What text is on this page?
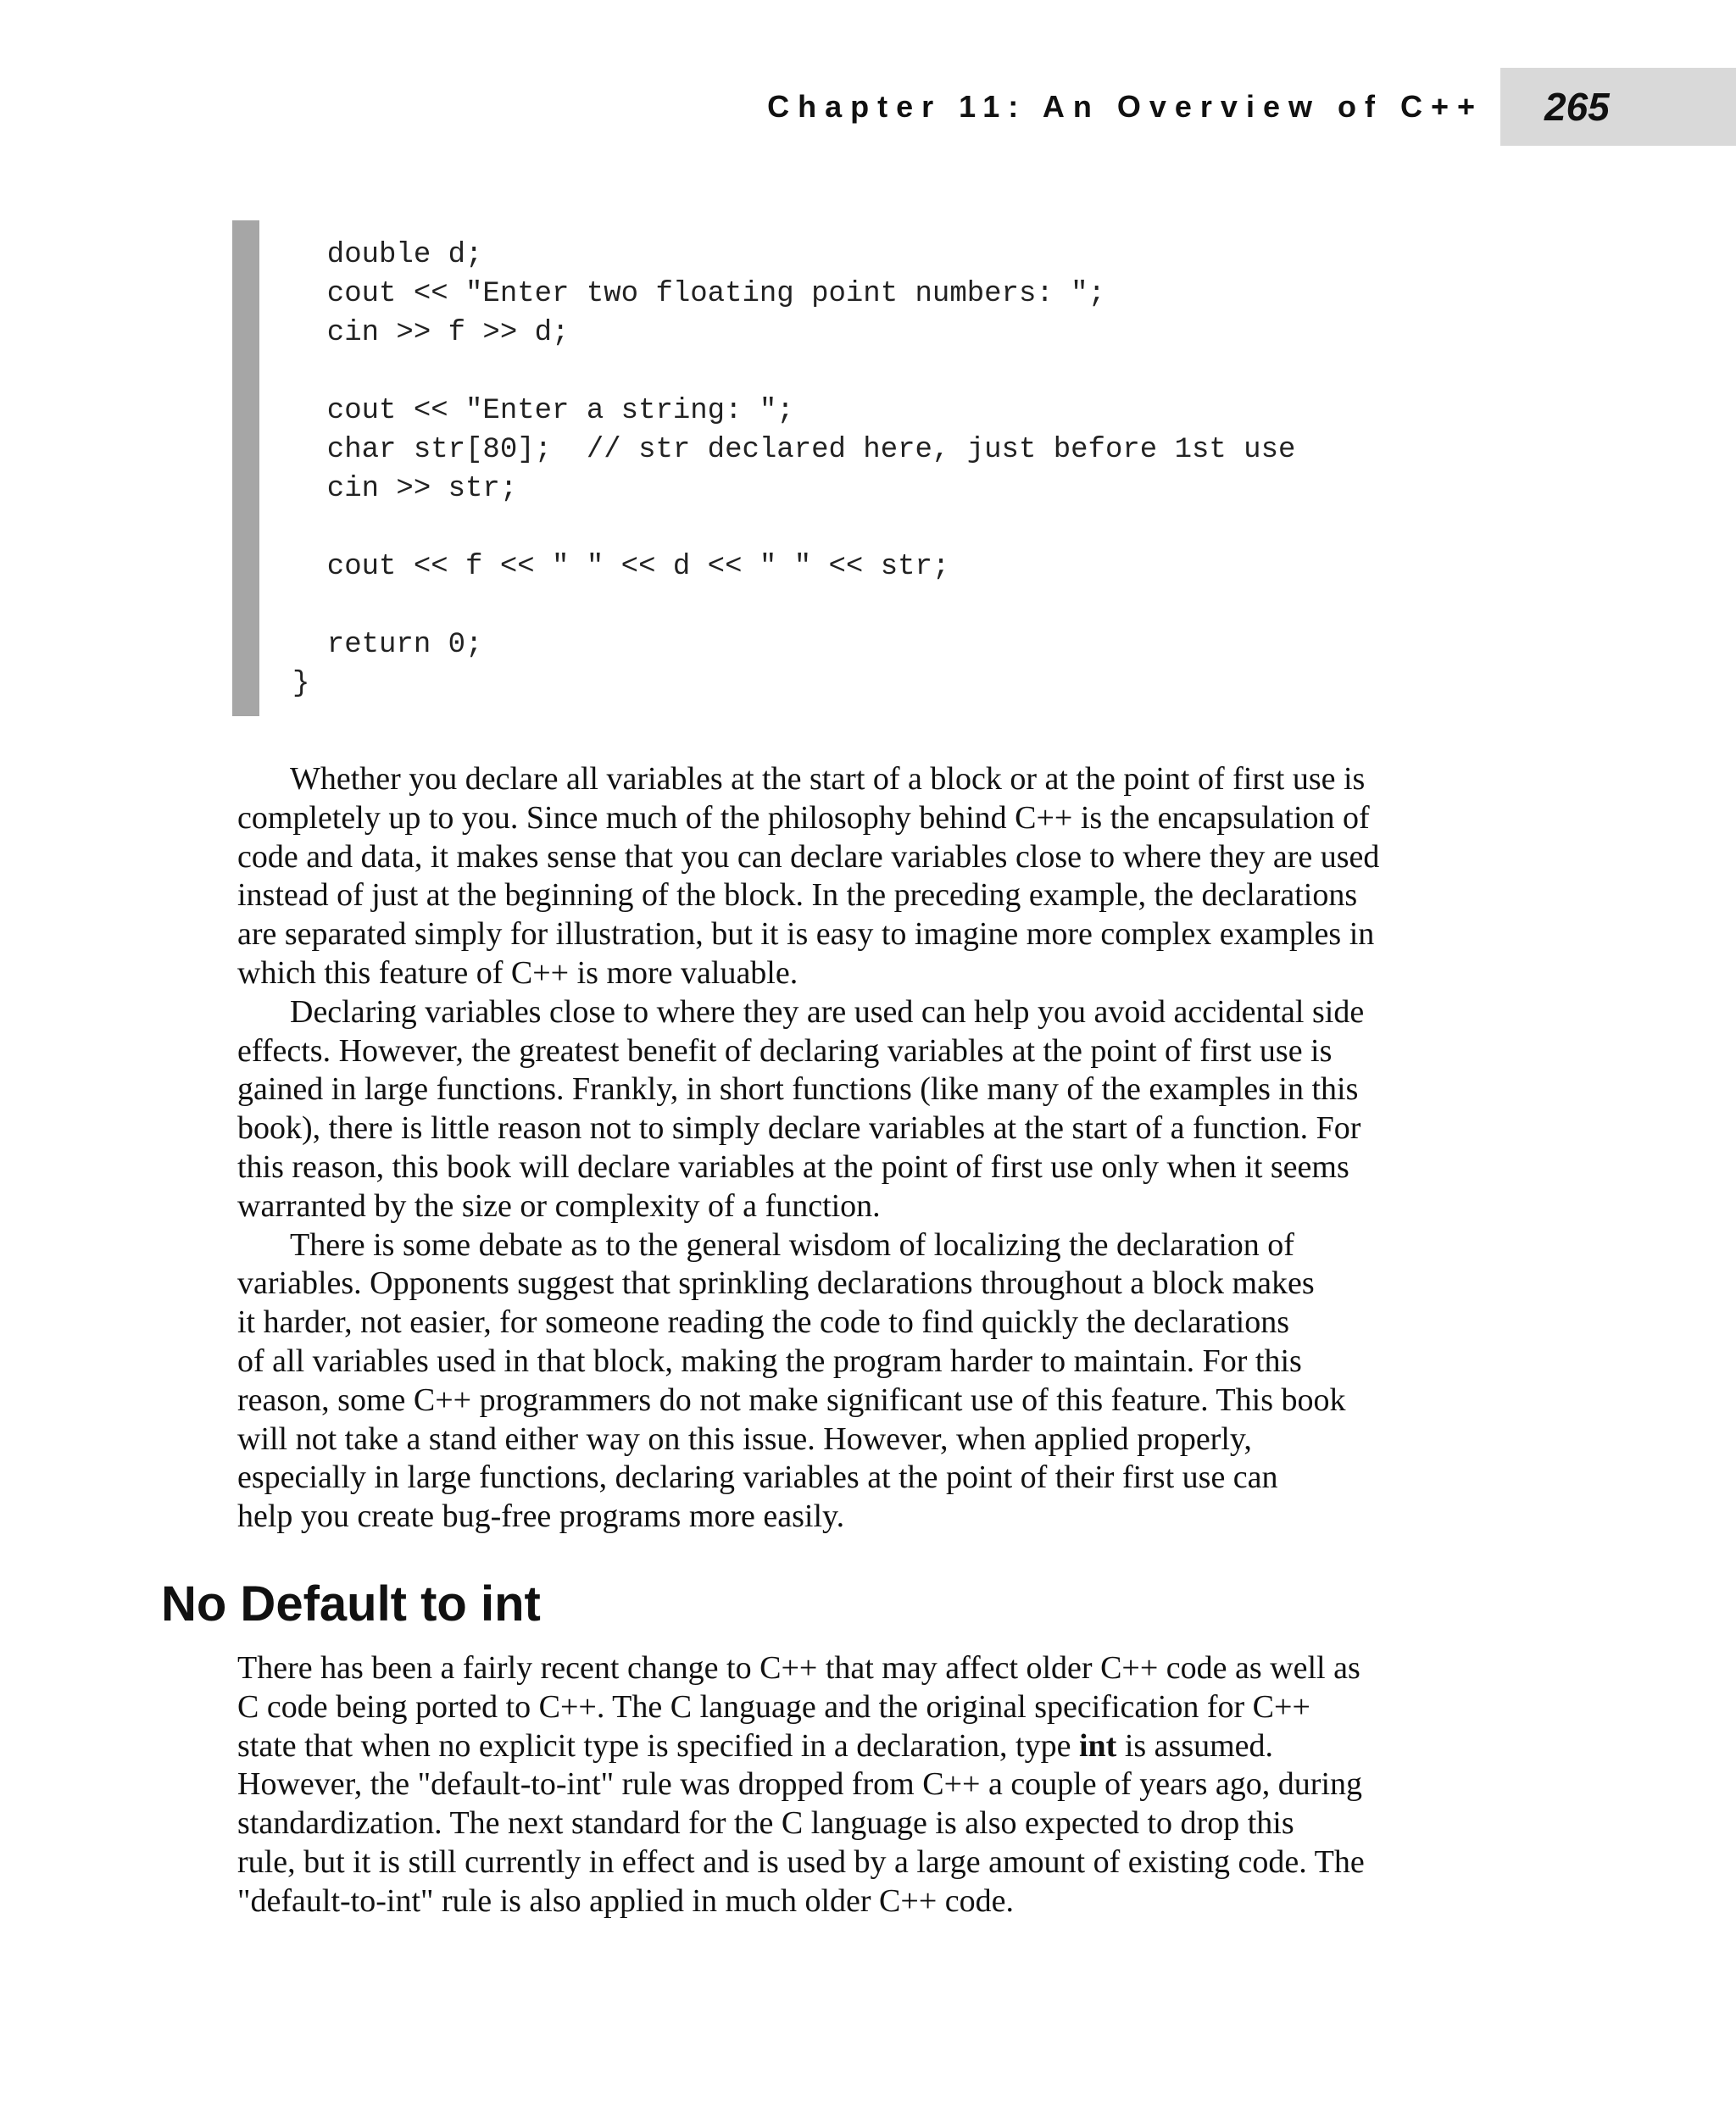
Chapter 11: An Overview of C++ 265
double d;
cout << "Enter two floating point numbers: ";
cin >> f >> d;
cout << "Enter a string: ";
char str[80];  // str declared here, just before 1st use
cin >> str;
cout << f << " " << d << " " << str;
return 0;
}

Whether you declare all variables at the start of a block or at the point of first use is
completely up to you. Since much of the philosophy behind C++ is the encapsulation of
code and data, it makes sense that you can declare variables close to where they are used
instead of just at the beginning of the block. In the preceding example, the declarations
are separated simply for illustration, but it is easy to imagine more complex examples in
which this feature of C++ is more valuable.

Declaring variables close to where they are used can help you avoid accidental side
effects. However, the greatest benefit of declaring variables at the point of first use is
gained in large functions. Frankly, in short functions (like many of the examples in this
book), there is little reason not to simply declare variables at the start of a function. For
this reason, this book will declare variables at the point of first use only when it seems
warranted by the size or complexity of a function.

There is some debate as to the general wisdom of localizing the declaration of
variables. Opponents suggest that sprinkling declarations throughout a block makes
it harder, not easier, for someone reading the code to find quickly the declarations
of all variables used in that block, making the program harder to maintain. For this
reason, some C++ programmers do not make significant use of this feature. This book
will not take a stand either way on this issue. However, when applied properly,
especially in large functions, declaring variables at the point of their first use can
help you create bug-free programs more easily.

No Default to int

There has been a fairly recent change to C++ that may affect older C++ code as well as
C code being ported to C++. The C language and the original specification for C++
state that when no explicit type is specified in a declaration, type int is assumed.
However, the "default-to-int" rule was dropped from C++ a couple of years ago, during
standardization. The next standard for the C language is also expected to drop this
rule, but it is still currently in effect and is used by a large amount of existing code. The
"default-to-int" rule is also applied in much older C++ code.
